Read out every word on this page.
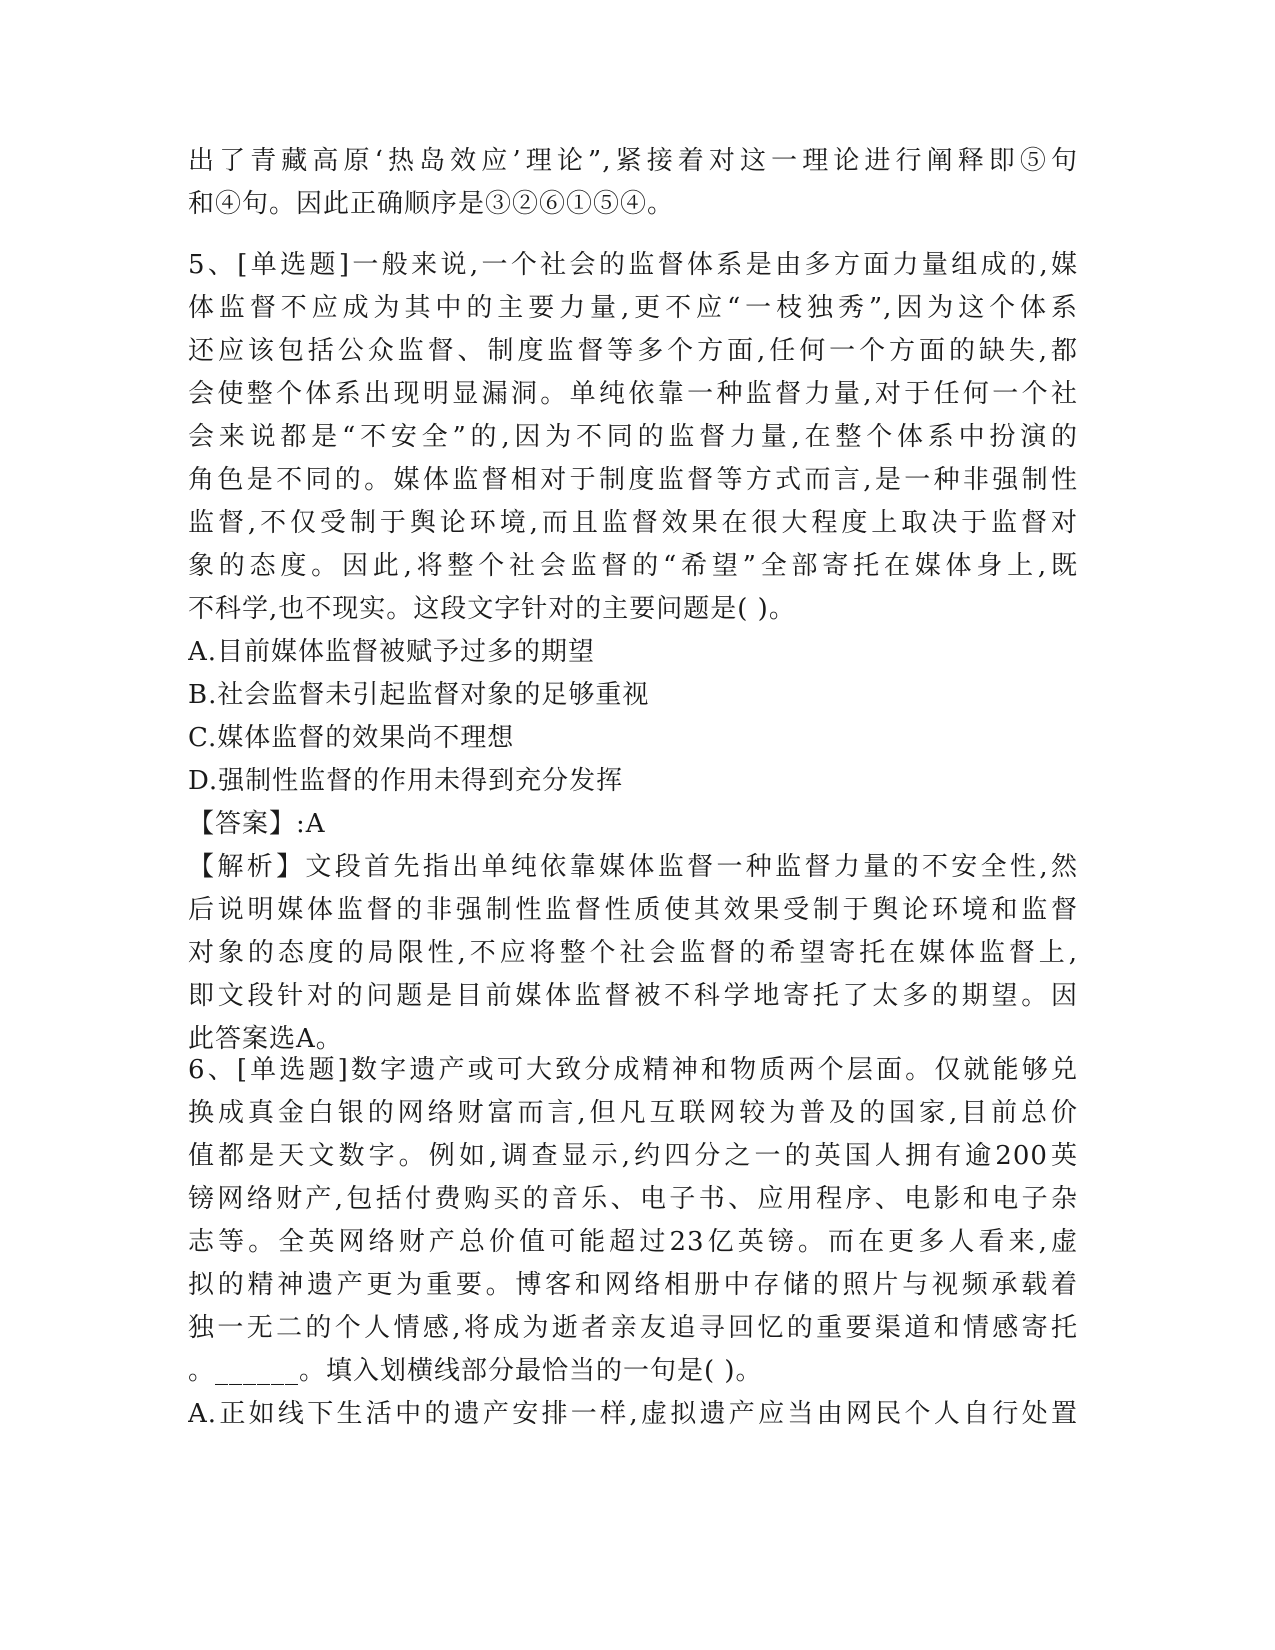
出了青藏高原‘热岛效应’理论”,紧接着对这一理论进行阐释即⑤句
和④句。因此正确顺序是③②⑥①⑤④。
5、[单选题]一般来说,一个社会的监督体系是由多方面力量组成的,媒
体监督不应成为其中的主要力量,更不应“一枝独秀”,因为这个体系
还应该包括公众监督、制度监督等多个方面,任何一个方面的缺失,都
会使整个体系出现明显漏洞。单纯依靠一种监督力量,对于任何一个社
会来说都是“不安全”的,因为不同的监督力量,在整个体系中扮演的
角色是不同的。媒体监督相对于制度监督等方式而言,是一种非强制性
监督,不仅受制于舆论环境,而且监督效果在很大程度上取决于监督对
象的态度。因此,将整个社会监督的“希望”全部寄托在媒体身上,既
不科学,也不现实。这段文字针对的主要问题是( )。
A.目前媒体监督被赋予过多的期望
B.社会监督未引起监督对象的足够重视
C.媒体监督的效果尚不理想
D.强制性监督的作用未得到充分发挥
【答案】:A
【解析】文段首先指出单纯依靠媒体监督一种监督力量的不安全性,然
后说明媒体监督的非强制性监督性质使其效果受制于舆论环境和监督
对象的态度的局限性,不应将整个社会监督的希望寄托在媒体监督上,
即文段针对的问题是目前媒体监督被不科学地寄托了太多的期望。因
此答案选A。
6、[单选题]数字遗产或可大致分成精神和物质两个层面。仅就能够兑
换成真金白银的网络财富而言,但凡互联网较为普及的国家,目前总价
值都是天文数字。例如,调查显示,约四分之一的英国人拥有逾200英
镑网络财产,包括付费购买的音乐、电子书、应用程序、电影和电子杂
志等。全英网络财产总价值可能超过23亿英镑。而在更多人看来,虚
拟的精神遗产更为重要。博客和网络相册中存储的照片与视频承载着
独一无二的个人情感,将成为逝者亲友追寻回忆的重要渠道和情感寄托
。______。填入划横线部分最恰当的一句是( )。
A.正如线下生活中的遗产安排一样,虚拟遗产应当由网民个人自行处置
